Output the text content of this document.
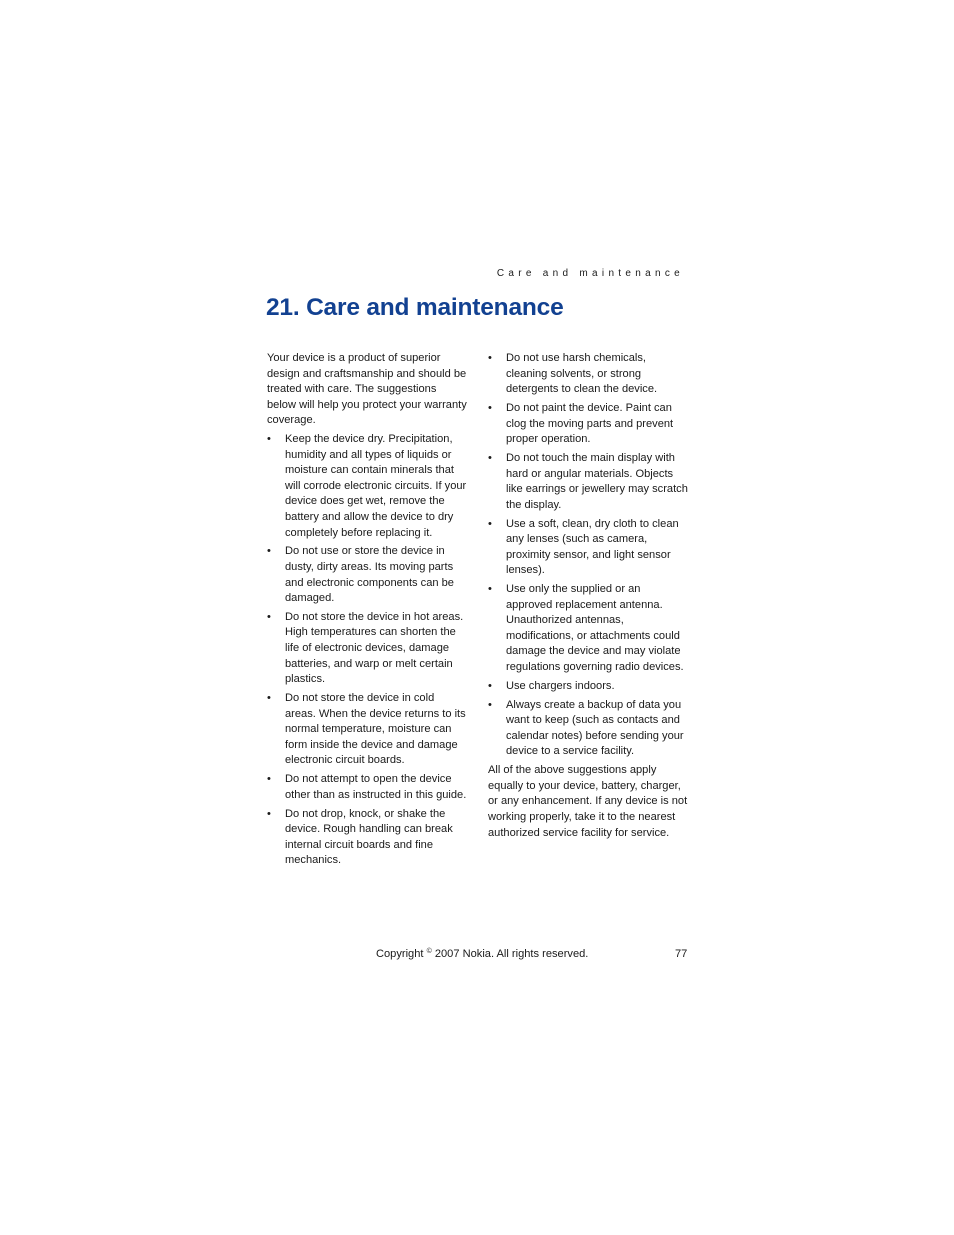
Care and maintenance
21. Care and maintenance

Your device is a product of superior design and craftsmanship and should be treated with care. The suggestions below will help you protect your warranty coverage.

• Keep the device dry. Precipitation, humidity and all types of liquids or moisture can contain minerals that will corrode electronic circuits. If your device does get wet, remove the battery and allow the device to dry completely before replacing it.
• Do not use or store the device in dusty, dirty areas. Its moving parts and electronic components can be damaged.
• Do not store the device in hot areas. High temperatures can shorten the life of electronic devices, damage batteries, and warp or melt certain plastics.
• Do not store the device in cold areas. When the device returns to its normal temperature, moisture can form inside the device and damage electronic circuit boards.
• Do not attempt to open the device other than as instructed in this guide.
• Do not drop, knock, or shake the device. Rough handling can break internal circuit boards and fine mechanics.
• Do not use harsh chemicals, cleaning solvents, or strong detergents to clean the device.
• Do not paint the device. Paint can clog the moving parts and prevent proper operation.
• Do not touch the main display with hard or angular materials. Objects like earrings or jewellery may scratch the display.
• Use a soft, clean, dry cloth to clean any lenses (such as camera, proximity sensor, and light sensor lenses).
• Use only the supplied or an approved replacement antenna. Unauthorized antennas, modifications, or attachments could damage the device and may violate regulations governing radio devices.
• Use chargers indoors.
• Always create a backup of data you want to keep (such as contacts and calendar notes) before sending your device to a service facility.

All of the above suggestions apply equally to your device, battery, charger, or any enhancement. If any device is not working properly, take it to the nearest authorized service facility for service.

Copyright © 2007 Nokia. All rights reserved.	77
